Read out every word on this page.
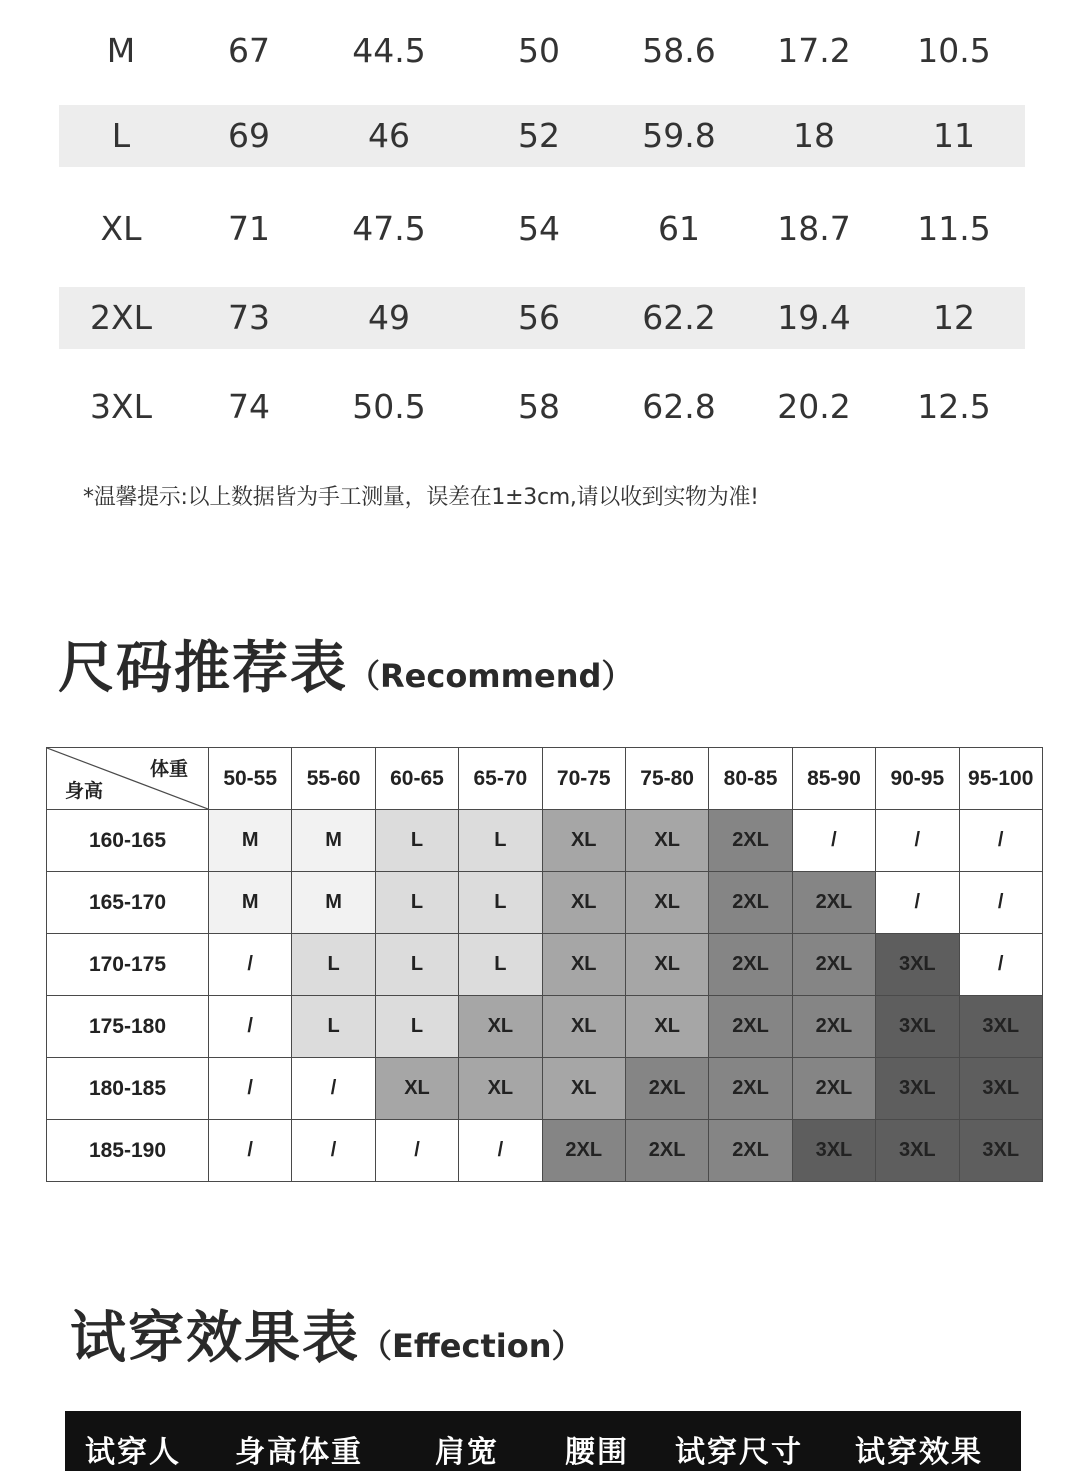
M	67	44.5	50	58.6	17.2	10.5
L	69	46	52	59.8	18	11
XL	71	47.5	54	61	18.7	11.5
2XL	73	49	56	62.2	19.4	12
3XL	74	50.5	58	62.8	20.2	12.5
*温馨提示:以上数据皆为手工测量，误差在1±3cm,请以收到实物为准!
尺码推荐表（Recommend）
体重
身高	50-55	55-60	60-65	65-70	70-75	75-80	80-85	85-90	90-95	95-100
160-165	M	M	L	L	XL	XL	2XL	/	/	/
165-170	M	M	L	L	XL	XL	2XL	2XL	/	/
170-175	/	L	L	L	XL	XL	2XL	2XL	3XL	/
175-180	/	L	L	XL	XL	XL	2XL	2XL	3XL	3XL
180-185	/	/	XL	XL	XL	2XL	2XL	2XL	3XL	3XL
185-190	/	/	/	/	2XL	2XL	2XL	3XL	3XL	3XL
试穿效果表（Effection）
试穿人 身高体重 肩宽 腰围 试穿尺寸 试穿效果
